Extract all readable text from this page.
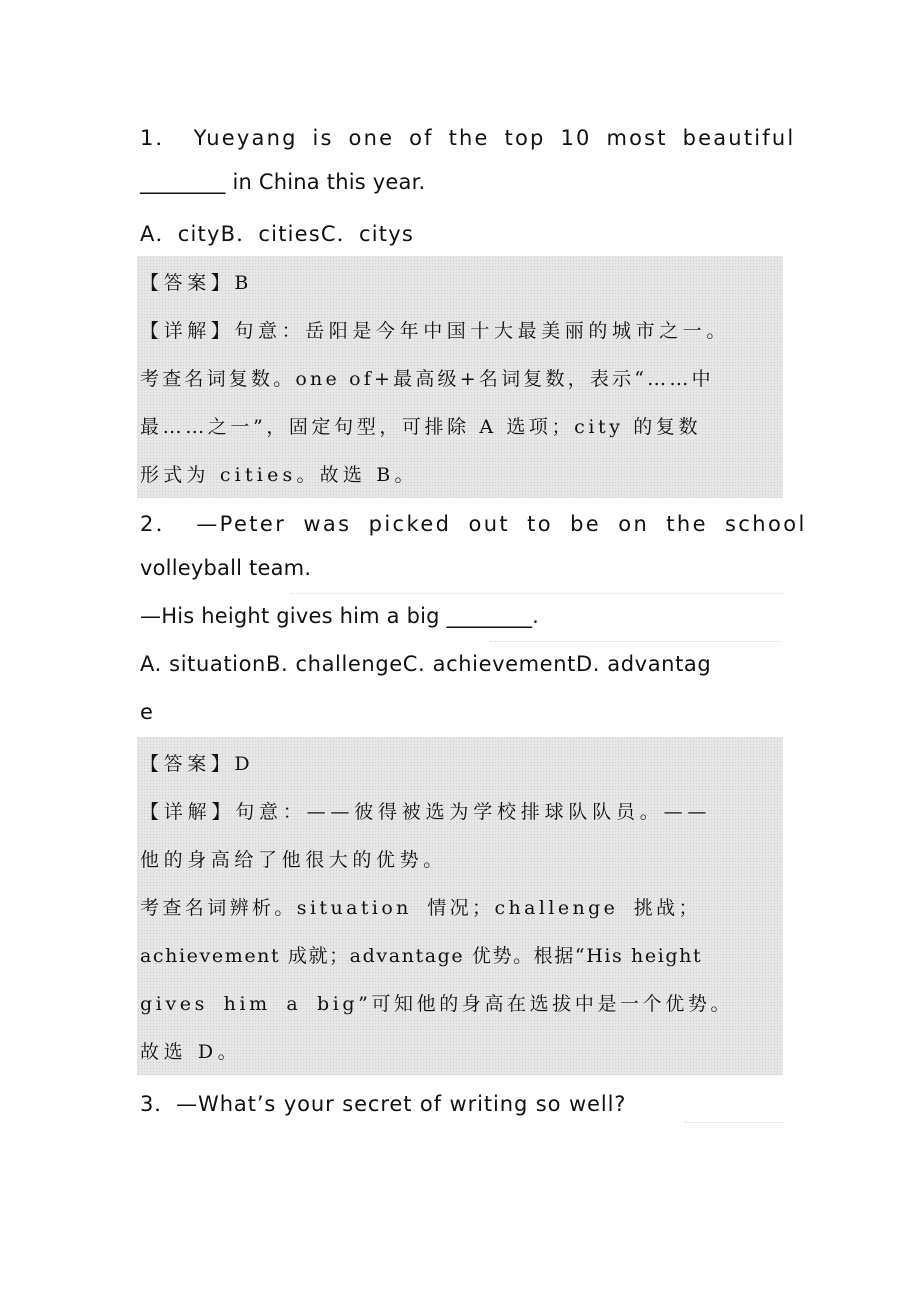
1． Yueyang is one of the top 10 most beautiful
________ in China this year.
A．cityB．citiesC．citys
【答案】B
【详解】句意：岳阳是今年中国十大最美丽的城市之一。
考查名词复数。one of+最高级+名词复数，表示“……中
最……之一”，固定句型，可排除 A 选项；city 的复数
形式为 cities。故选 B。
2． —Peter was picked out to be on the school
volleyball team.
—His height gives him a big ________.
A. situationB. challengeC. achievementD. advantag
e
【答案】D
【详解】句意：——彼得被选为学校排球队队员。——
他的身高给了他很大的优势。
考查名词辨析。situation 情况；challenge 挑战；
achievement 成就；advantage 优势。根据“His height
gives him a big”可知他的身高在选拔中是一个优势。
故选 D。
3．—What’s your secret of writing so well?
